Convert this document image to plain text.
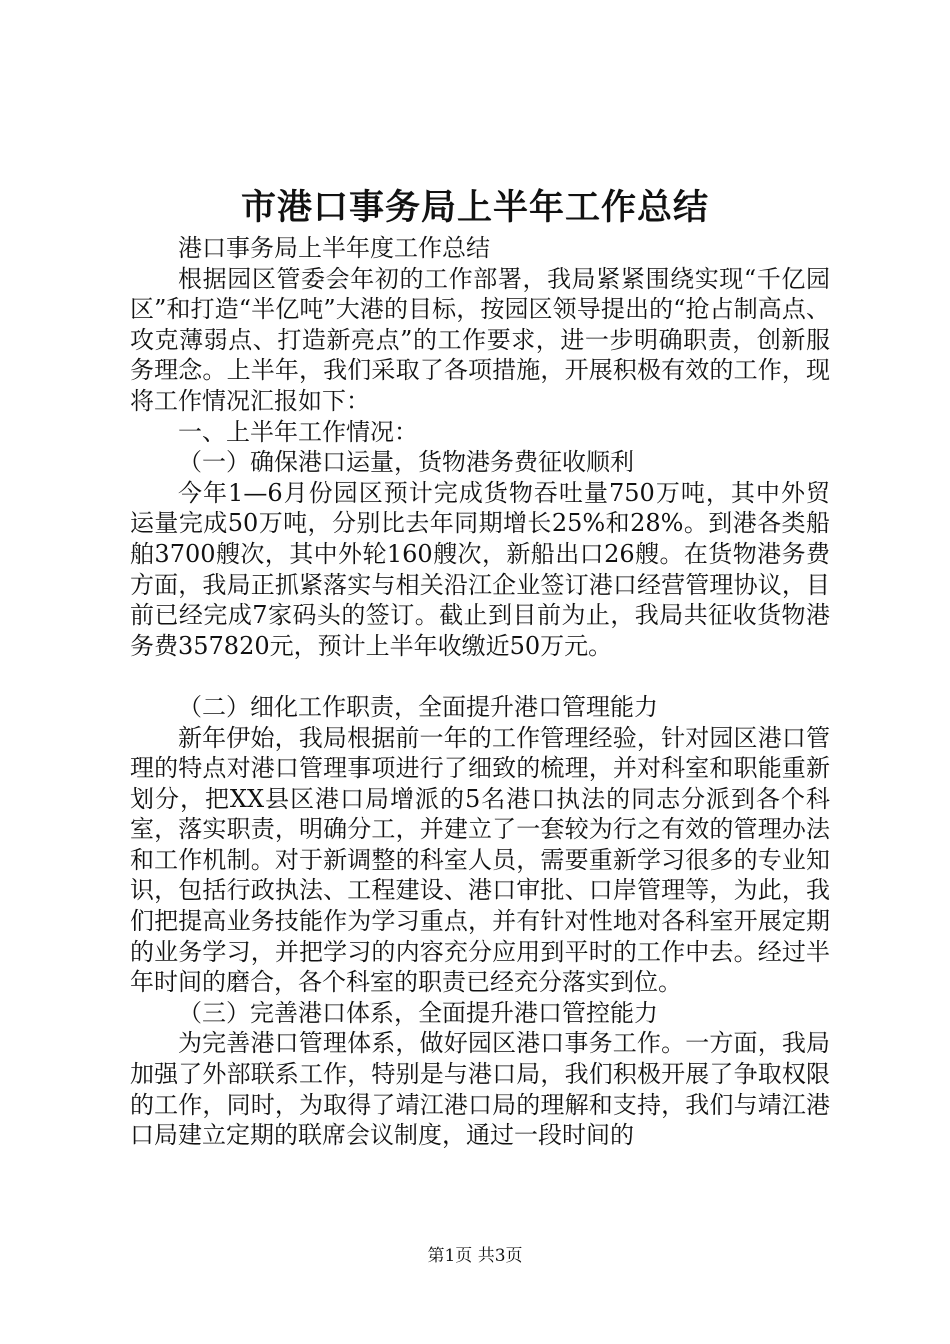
市港口事务局上半年工作总结

港口事务局上半年度工作总结

根据园区管委会年初的工作部署，我局紧紧围绕实现“千亿园区”和打造“半亿吨”大港的目标，按园区领导提出的“抢占制高点、攻克薄弱点、打造新亮点”的工作要求，进一步明确职责，创新服务理念。上半年，我们采取了各项措施，开展积极有效的工作，现将工作情况汇报如下：

一、上半年工作情况：

（一）确保港口运量，货物港务费征收顺利

今年1—6月份园区预计完成货物吞吐量750万吨，其中外贸运量完成50万吨，分别比去年同期增长25%和28%。到港各类船舶3700艘次，其中外轮160艘次，新船出口26艘。在货物港务费方面，我局正抓紧落实与相关沿江企业签订港口经营管理协议，目前已经完成7家码头的签订。截止到目前为止，我局共征收货物港务费357820元，预计上半年收缴近50万元。

（二）细化工作职责，全面提升港口管理能力

新年伊始，我局根据前一年的工作管理经验，针对园区港口管理的特点对港口管理事项进行了细致的梳理，并对科室和职能重新划分，把XX县区港口局增派的5名港口执法的同志分派到各个科室，落实职责，明确分工，并建立了一套较为行之有效的管理办法和工作机制。对于新调整的科室人员，需要重新学习很多的专业知识，包括行政执法、工程建设、港口审批、口岸管理等，为此，我们把提高业务技能作为学习重点，并有针对性地对各科室开展定期的业务学习，并把学习的内容充分应用到平时的工作中去。经过半年时间的磨合，各个科室的职责已经充分落实到位。

（三）完善港口体系，全面提升港口管控能力

为完善港口管理体系，做好园区港口事务工作。一方面，我局加强了外部联系工作，特别是与港口局，我们积极开展了争取权限的工作，同时，为取得了靖江港口局的理解和支持，我们与靖江港口局建立定期的联席会议制度，通过一段时间的

第1页 共3页
